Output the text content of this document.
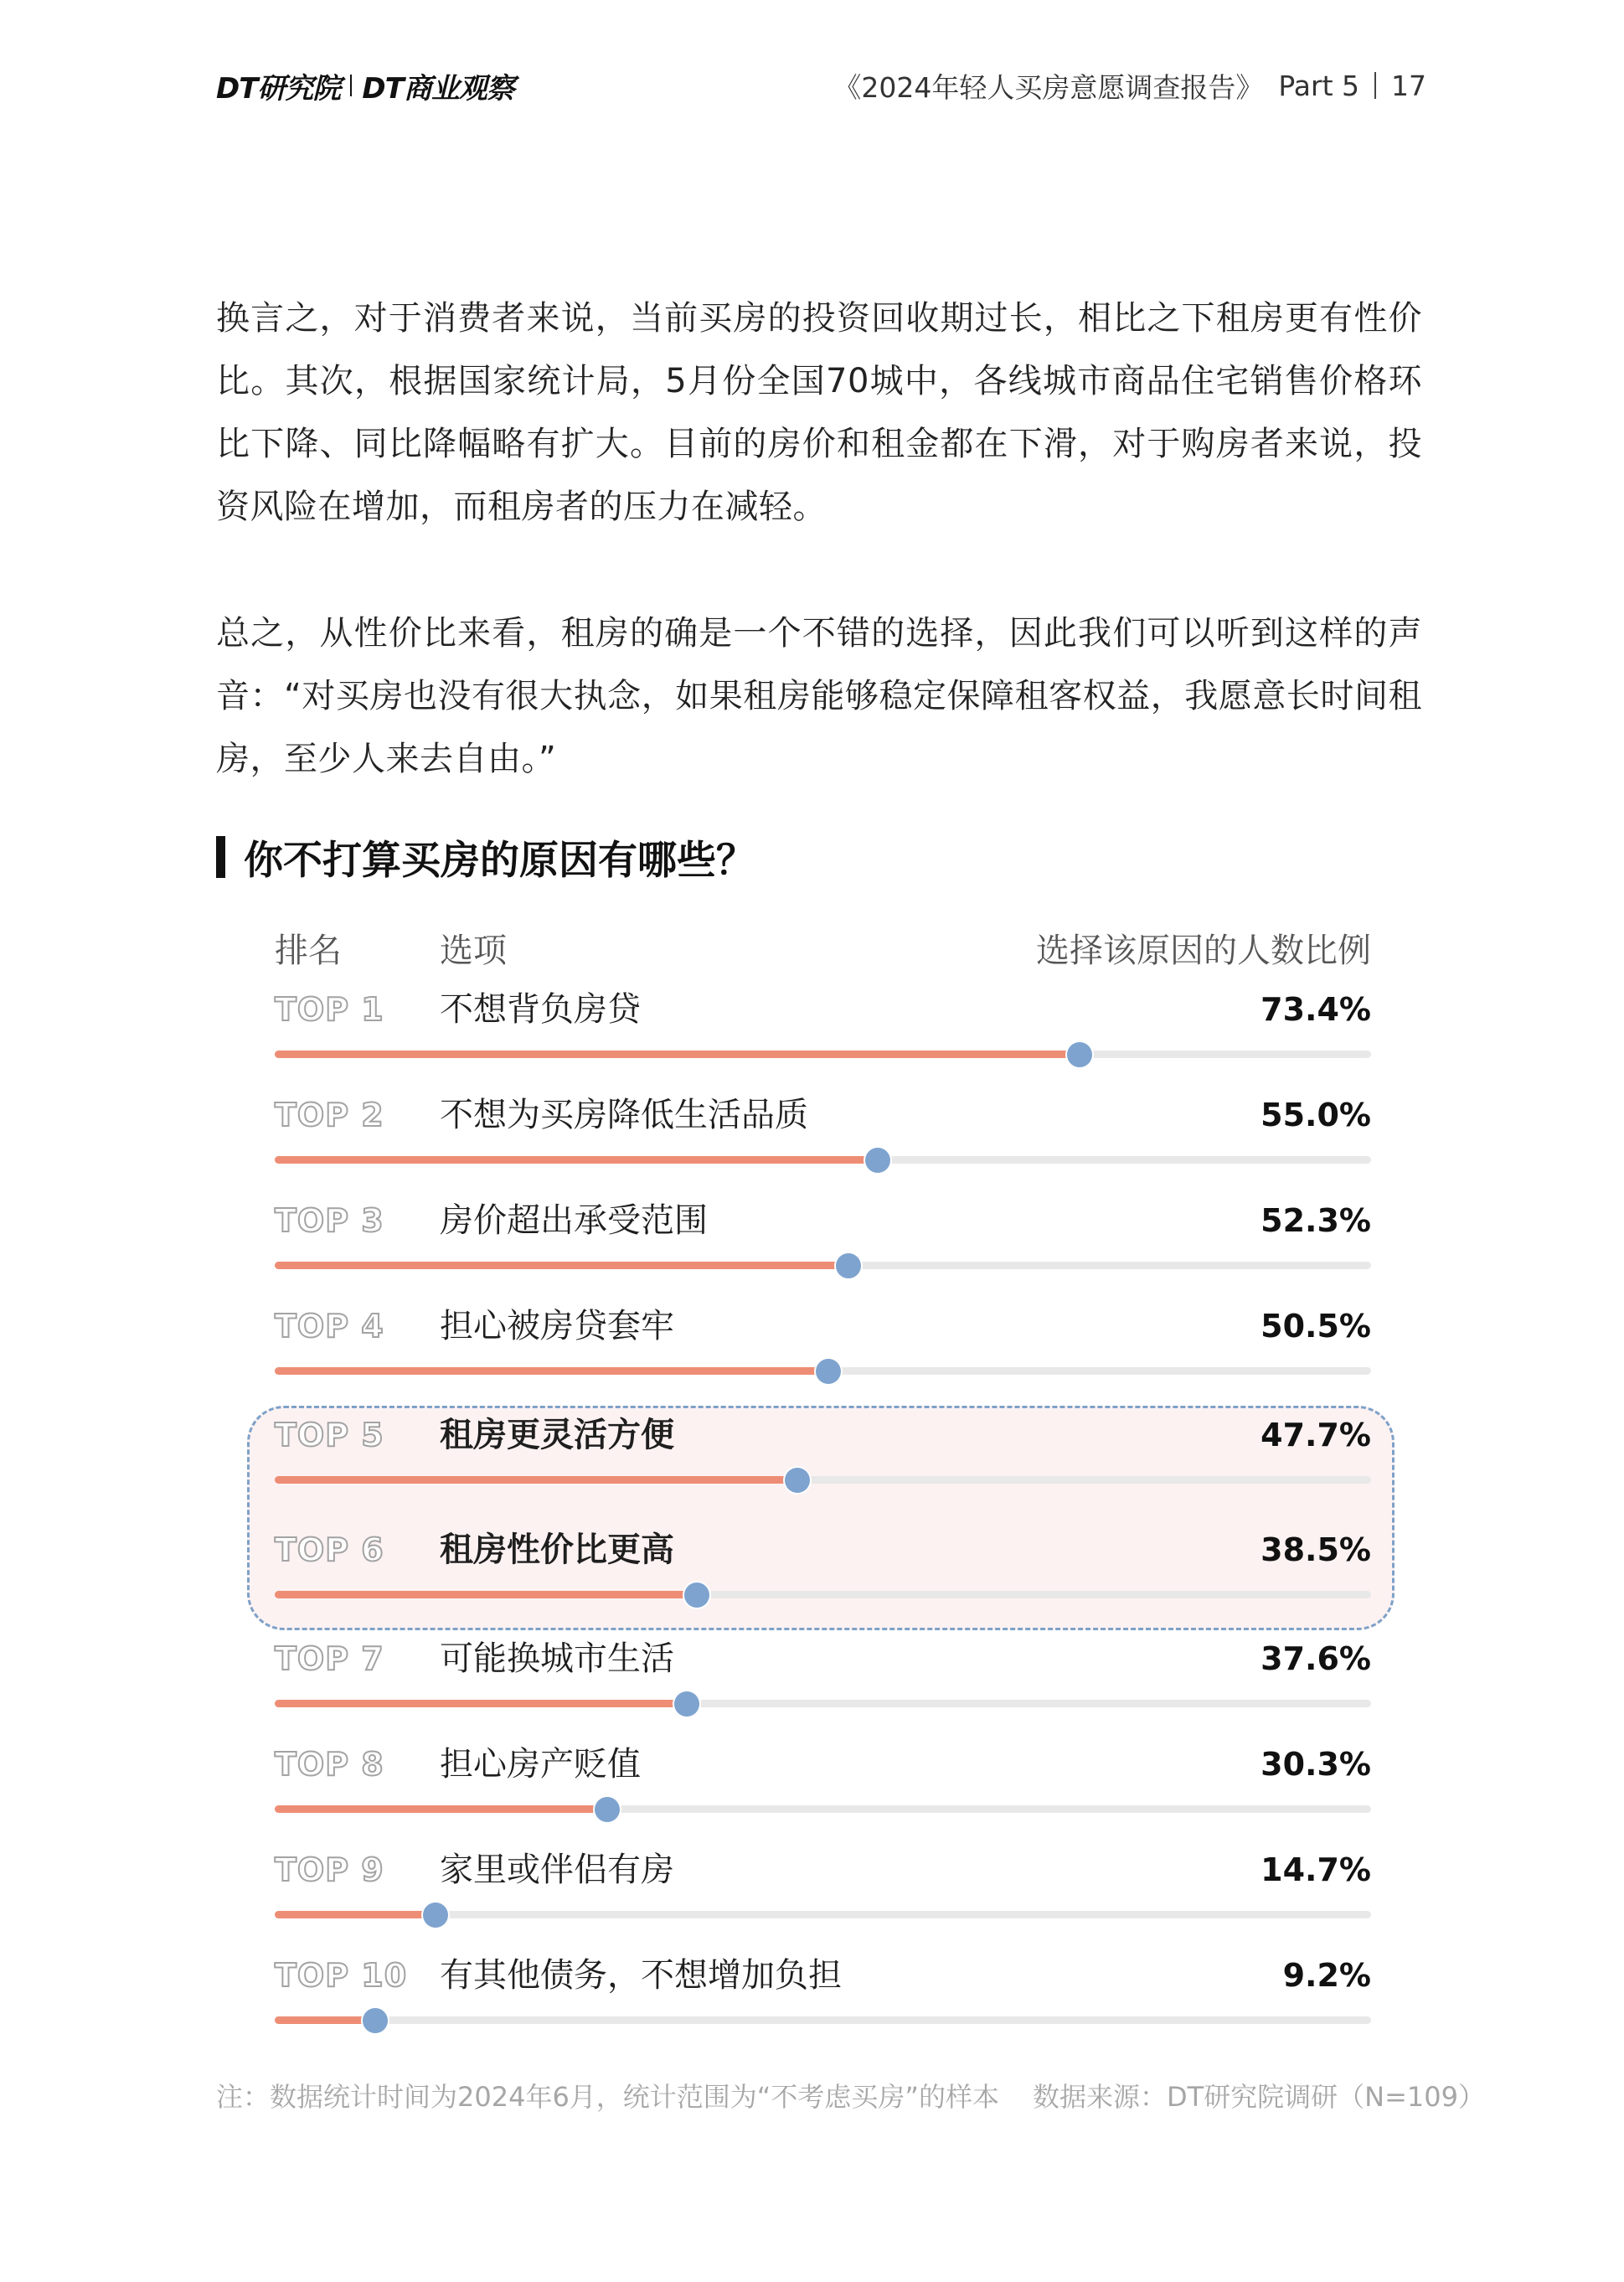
DT研究院 DT商业观察	《2024年轻人买房意愿调查报告》 Part 5 17

换言之，对于消费者来说，当前买房的投资回收期过长，相比之下租房更有性价比。其次，根据国家统计局，5月份全国70城中，各线城市商品住宅销售价格环比下降、同比降幅略有扩大。目前的房价和租金都在下滑，对于购房者来说，投资风险在增加，而租房者的压力在减轻。

总之，从性价比来看，租房的确是一个不错的选择，因此我们可以听到这样的声音：“对买房也没有很大执念，如果租房能够稳定保障租客权益，我愿意长时间租房，至少人来去自由。”

你不打算买房的原因有哪些？
排名	选项	选择该原因的人数比例
TOP 1 不想背负房贷	73.4%
TOP 2 不想为买房降低生活品质	55.0%
TOP 3 房价超出承受范围	52.3%
TOP 4 担心被房贷套牢	50.5%
TOP 5 租房更灵活方便	47.7%
TOP 6 租房性价比更高	38.5%
TOP 7 可能换城市生活	37.6%
TOP 8 担心房产贬值	30.3%
TOP 9 家里或伴侣有房	14.7%
TOP 10 有其他债务，不想增加负担	9.2%
注：数据统计时间为2024年6月，统计范围为“不考虑买房”的样本 数据来源：DT研究院调研（N=109）
